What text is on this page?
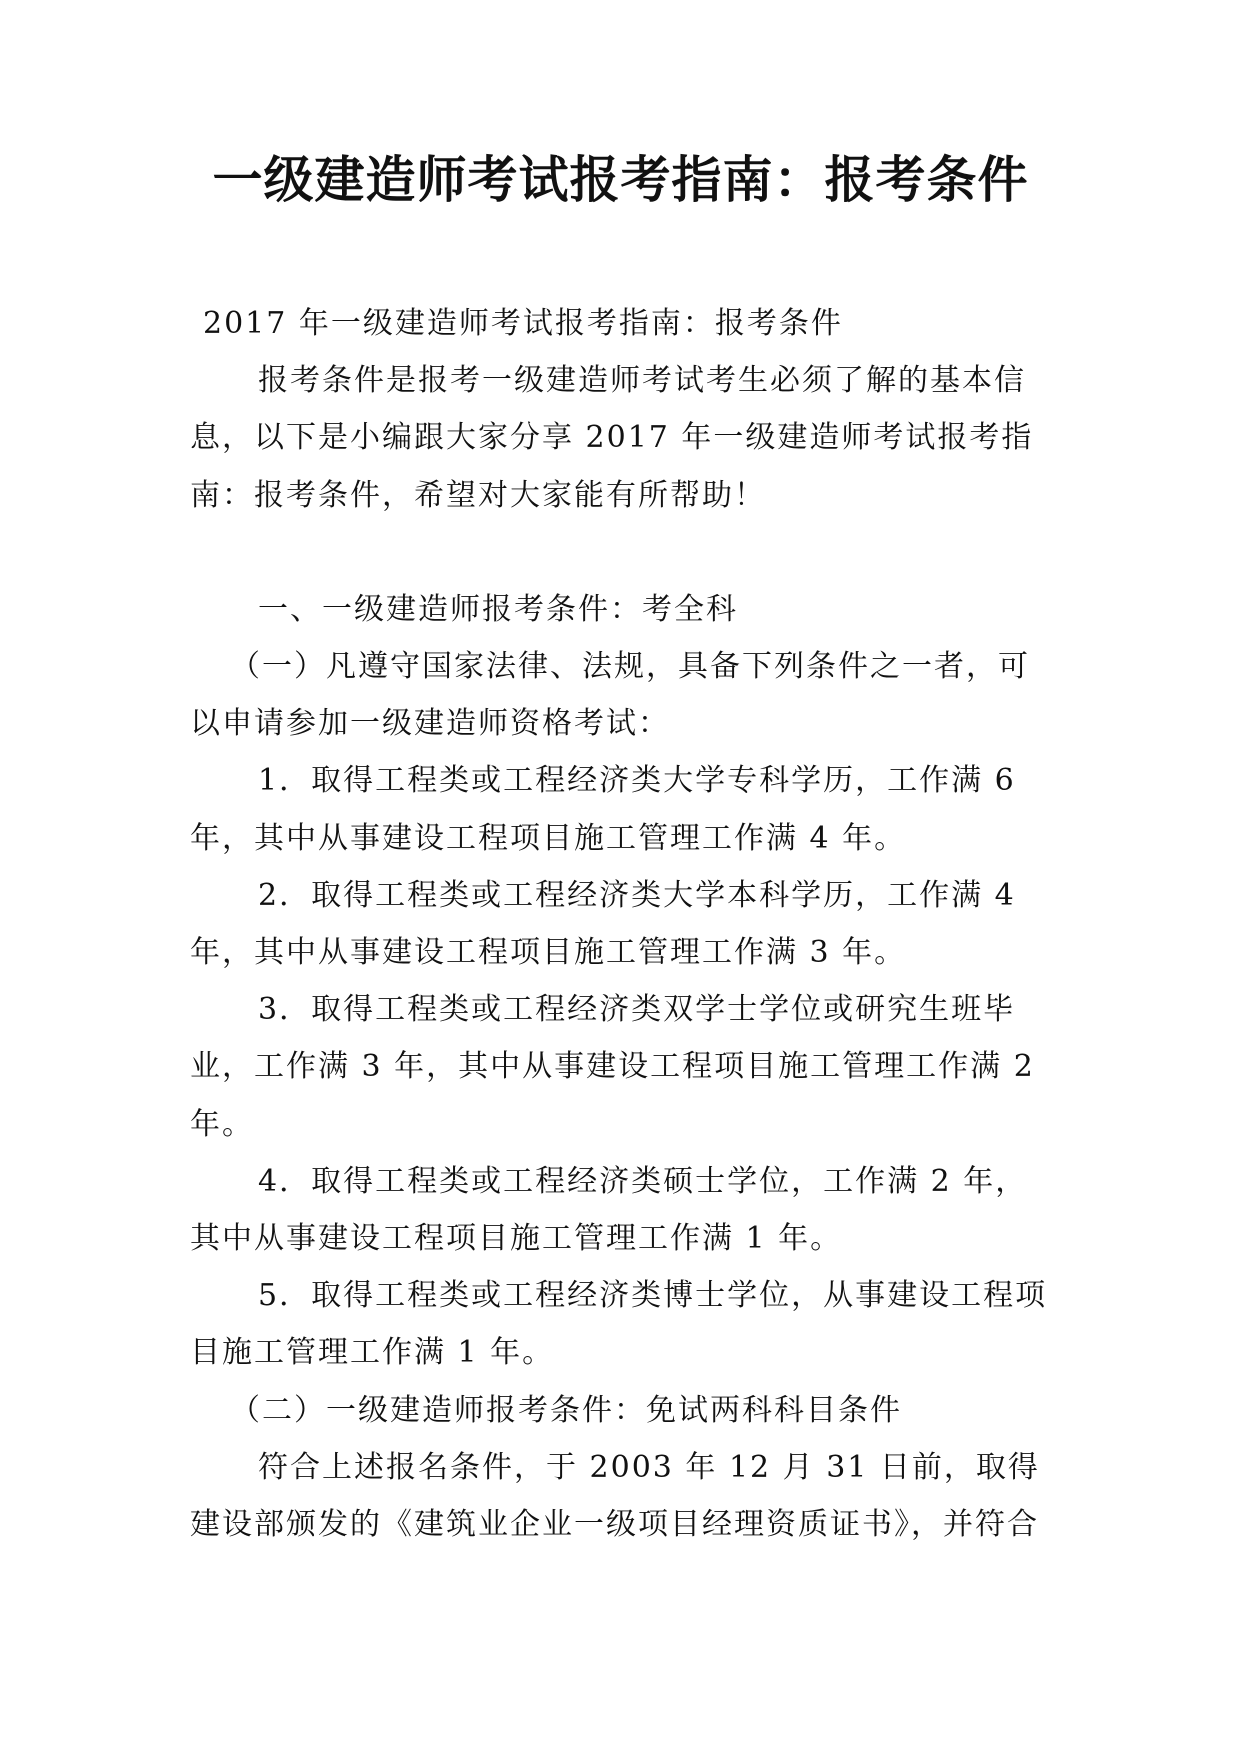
一级建造师考试报考指南：报考条件

2017 年一级建造师考试报考指南：报考条件

报考条件是报考一级建造师考试考生必须了解的基本信息，以下是小编跟大家分享 2017 年一级建造师考试报考指南：报考条件，希望对大家能有所帮助！

一、一级建造师报考条件：考全科

（一）凡遵守国家法律、法规，具备下列条件之一者，可以申请参加一级建造师资格考试：

1．取得工程类或工程经济类大学专科学历，工作满 6 年，其中从事建设工程项目施工管理工作满 4 年。

2．取得工程类或工程经济类大学本科学历，工作满 4 年，其中从事建设工程项目施工管理工作满 3 年。

3．取得工程类或工程经济类双学士学位或研究生班毕业，工作满 3 年，其中从事建设工程项目施工管理工作满 2 年。

4．取得工程类或工程经济类硕士学位，工作满 2 年，其中从事建设工程项目施工管理工作满 1 年。

5．取得工程类或工程经济类博士学位，从事建设工程项目施工管理工作满 1 年。

（二）一级建造师报考条件：免试两科科目条件

符合上述报名条件，于 2003 年 12 月 31 日前，取得建设部颁发的《建筑业企业一级项目经理资质证书》，并符合
